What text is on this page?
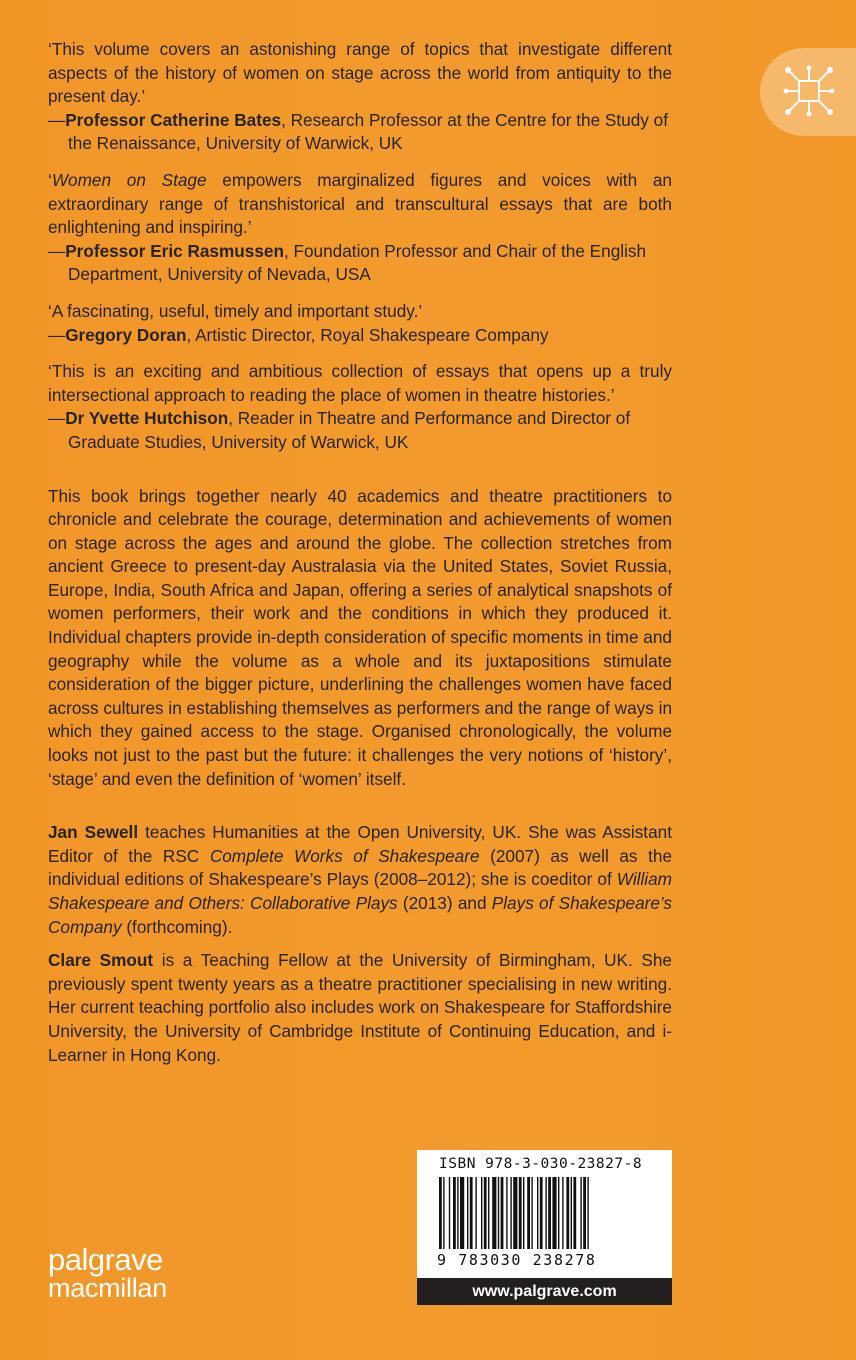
‘This volume covers an astonishing range of topics that investigate different aspects of the history of women on stage across the world from antiquity to the present day.’
—Professor Catherine Bates, Research Professor at the Centre for the Study of the Renaissance, University of Warwick, UK
‘Women on Stage empowers marginalized figures and voices with an extraordinary range of transhistorical and transcultural essays that are both enlightening and inspiring.’
—Professor Eric Rasmussen, Foundation Professor and Chair of the English Department, University of Nevada, USA
‘A fascinating, useful, timely and important study.’
—Gregory Doran, Artistic Director, Royal Shakespeare Company
‘This is an exciting and ambitious collection of essays that opens up a truly intersectional approach to reading the place of women in theatre histories.’
—Dr Yvette Hutchison, Reader in Theatre and Performance and Director of Graduate Studies, University of Warwick, UK

This book brings together nearly 40 academics and theatre practitioners to chronicle and celebrate the courage, determination and achievements of women on stage across the ages and around the globe. The collection stretches from ancient Greece to present-day Australasia via the United States, Soviet Russia, Europe, India, South Africa and Japan, offering a series of analytical snapshots of women performers, their work and the conditions in which they produced it. Individual chapters provide in-depth consideration of specific moments in time and geography while the volume as a whole and its juxtapositions stimulate consideration of the bigger picture, underlining the challenges women have faced across cultures in establishing themselves as performers and the range of ways in which they gained access to the stage. Organised chronologically, the volume looks not just to the past but the future: it challenges the very notions of ‘history’, ‘stage’ and even the definition of ‘women’ itself.

Jan Sewell teaches Humanities at the Open University, UK. She was Assistant Editor of the RSC Complete Works of Shakespeare (2007) as well as the individual editions of Shakespeare’s Plays (2008–2012); she is coeditor of William Shakespeare and Others: Collaborative Plays (2013) and Plays of Shakespeare’s Company (forthcoming).

Clare Smout is a Teaching Fellow at the University of Birmingham, UK. She previously spent twenty years as a theatre practitioner specialising in new writing. Her current teaching portfolio also includes work on Shakespeare for Staffordshire University, the University of Cambridge Institute of Continuing Education, and i-Learner in Hong Kong.

palgrave
macmillan
ISBN 978-3-030-23827-8
9 783030 238278
www.palgrave.com
